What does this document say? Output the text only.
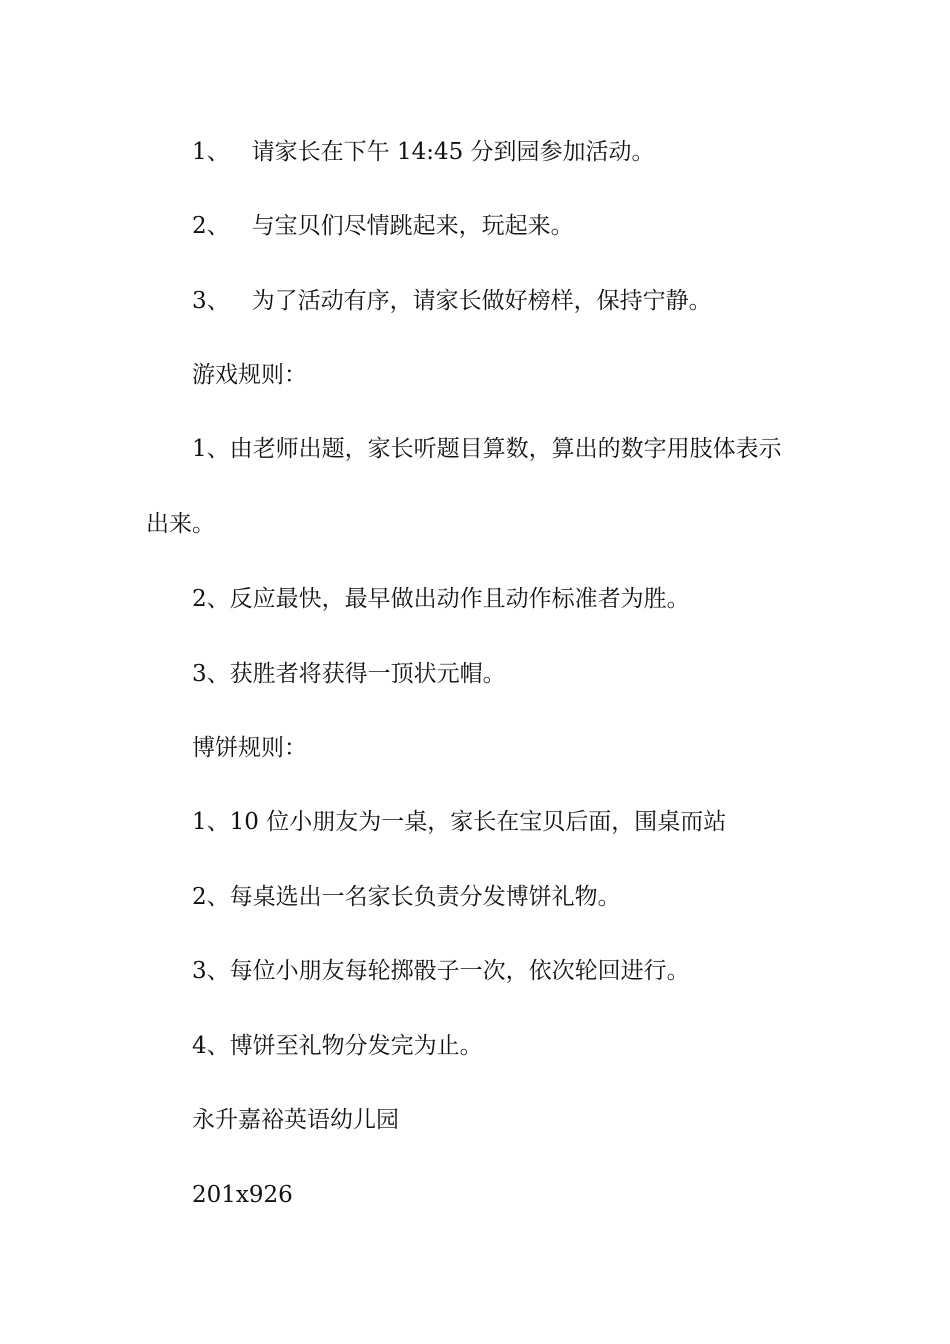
1、 请家长在下午 14:45 分到园参加活动。
2、 与宝贝们尽情跳起来，玩起来。
3、 为了活动有序，请家长做好榜样，保持宁静。
游戏规则：
1、由老师出题，家长听题目算数，算出的数字用肢体表示
出来。
2、反应最快，最早做出动作且动作标准者为胜。
3、获胜者将获得一顶状元帽。
博饼规则：
1、10 位小朋友为一桌，家长在宝贝后面，围桌而站
2、每桌选出一名家长负责分发博饼礼物。
3、每位小朋友每轮掷骰子一次，依次轮回进行。
4、博饼至礼物分发完为止。
永升嘉裕英语幼儿园
201x926
